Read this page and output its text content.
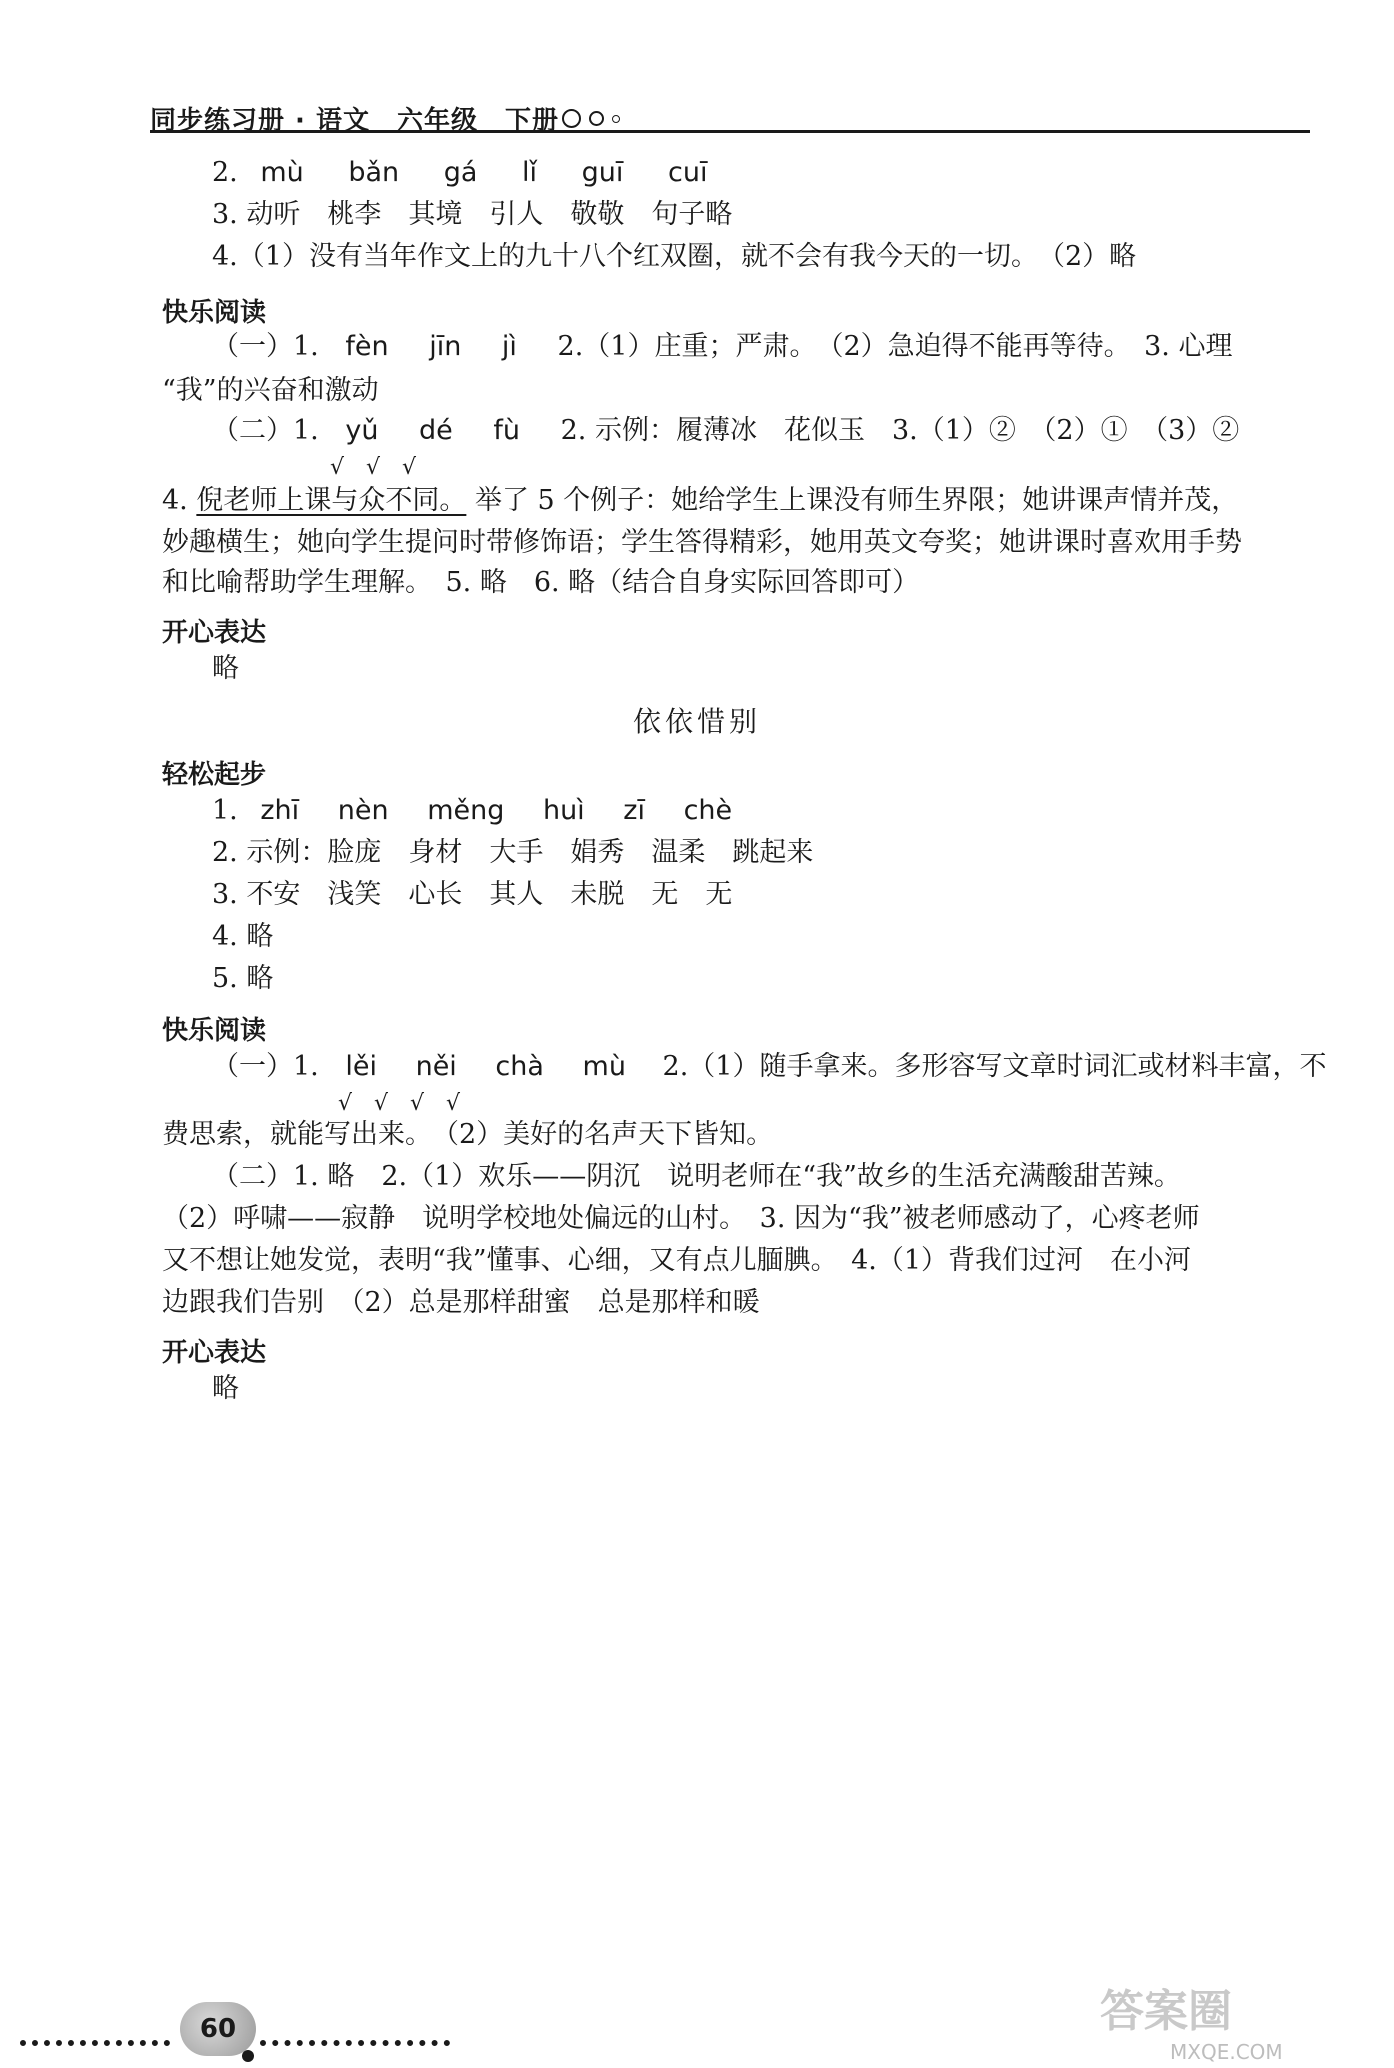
同步练习册 · 语文　六年级　下册
2. mù bǎn gá lǐ guī cuī
3. 动听　桃李　其境　引人　敬敬　句子略
4.（1）没有当年作文上的九十八个红双圈，就不会有我今天的一切。　（2）略
快乐阅读
（一）1. fèn jīn jì 2.（1）庄重；严肃。　（2）急迫得不能再等待。　3. 心理
“我”的兴奋和激动
（二）1. yǔ dé fù 2. 示例：履薄冰　花似玉　3.（1）②　（2）①　（3）②
√　√　√
4. 倪老师上课与众不同。 举了 5 个例子：她给学生上课没有师生界限；她讲课声情并茂，
妙趣横生；她向学生提问时带修饰语；学生答得精彩，她用英文夸奖；她讲课时喜欢用手势
和比喻帮助学生理解。　5. 略　6. 略（结合自身实际回答即可）
开心表达
略
依依惜别
轻松起步
1. zhī nèn měng huì zī chè
2. 示例：脸庞　身材　大手　娟秀　温柔　跳起来
3. 不安　浅笑　心长　其人　未脱　无　无
4. 略
5. 略
快乐阅读
（一）1. lěi něi chà mù 2.（1）随手拿来。多形容写文章时词汇或材料丰富，不
√　√　√　√
费思索，就能写出来。　（2）美好的名声天下皆知。
（二）1. 略　2.（1）欢乐——阴沉　说明老师在“我”故乡的生活充满酸甜苦辣。
（2）呼啸——寂静　说明学校地处偏远的山村。　3. 因为“我”被老师感动了，心疼老师
又不想让她发觉，表明“我”懂事、心细，又有点儿腼腆。　4.（1）背我们过河　在小河
边跟我们告别　（2）总是那样甜蜜　总是那样和暖
开心表达
略
60	答案圈
MXQE.COM
